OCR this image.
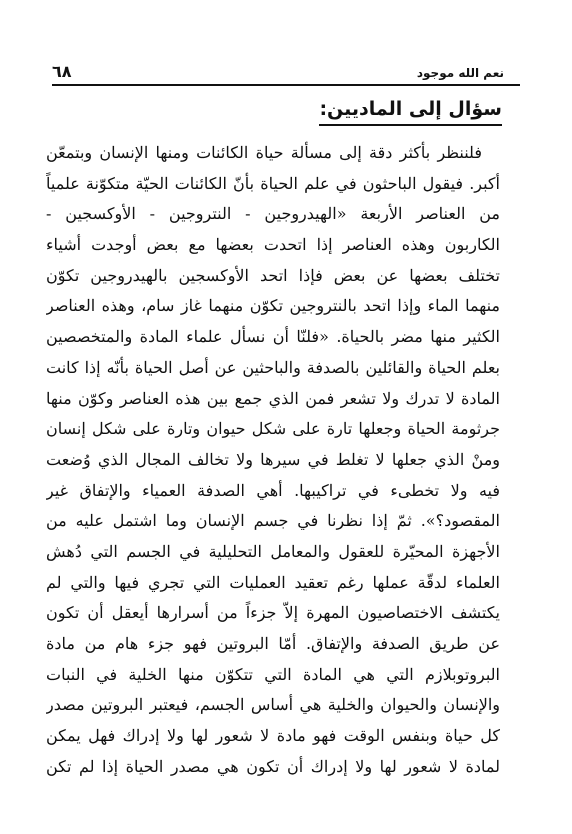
نعم الله موجود
٦٨
سؤال إلى الماديين:
فلننظر بأكثر دقة إلى مسألة حياة الكائنات ومنها الإنسان وبتمعّن
أكبر. فيقول الباحثون في علم الحياة بأنّ الكائنات الحيّة متكوّنة علمياً
من العناصر الأربعة «الهيدروجين - النتروجين - الأوكسجين -
الكاربون وهذه العناصر إذا اتحدت بعضها مع بعض أوجدت أشياء
تختلف بعضها عن بعض فإذا اتحد الأوكسجين بالهيدروجين تكوّن
منهما الماء وإذا اتحد بالنتروجين تكوّن منهما غاز سام، وهذه العناصر
الكثير منها مضر بالحياة. «فلنّا أن نسأل علماء المادة والمتخصصين
بعلم الحياة والقائلين بالصدفة والباحثين عن أصل الحياة بأنّه إذا كانت
المادة لا تدرك ولا تشعر فمن الذي جمع بين هذه العناصر وكوّن منها
جرثومة الحياة وجعلها تارة على شكل حيوان وتارة على شكل إنسان
ومنْ الذي جعلها لا تغلط في سيرها ولا تخالف المجال الذي وُضعت
فيه ولا تخطىء في تراكيبها. أهي الصدفة العمياء والإتفاق غير
المقصود؟». ثمّ إذا نظرنا في جسم الإنسان وما اشتمل عليه من
الأجهزة المحيّرة للعقول والمعامل التحليلية في الجسم التي دُهش
العلماء لدقّة عملها رغم تعقيد العمليات التي تجري فيها والتي لم
يكتشف الاختصاصيون المهرة إلاّ جزءاً من أسرارها أيعقل أن تكون
عن طريق الصدفة والإتفاق. أمّا البروتين فهو جزء هام من مادة
البروتوبلازم التي هي المادة التي تتكوّن منها الخلية في النبات
والإنسان والحيوان والخلية هي أساس الجسم، فيعتبر البروتين مصدر
كل حياة وبنفس الوقت فهو مادة لا شعور لها ولا إدراك فهل يمكن
لمادة لا شعور لها ولا إدراك أن تكون هي مصدر الحياة إذا لم تكن
